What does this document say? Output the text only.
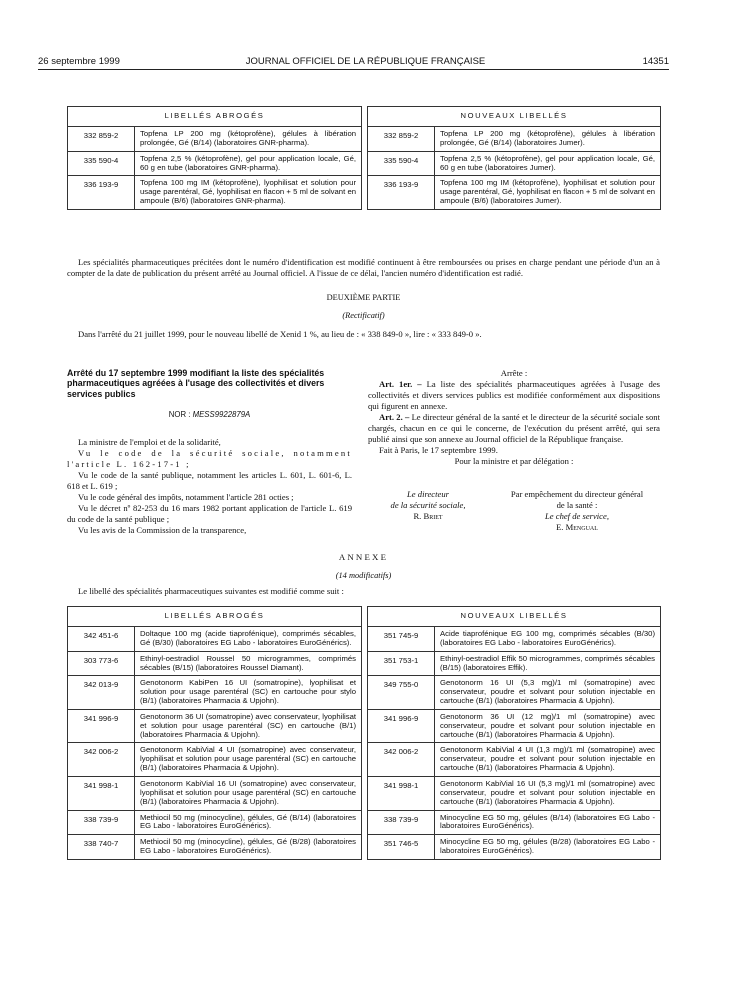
26 septembre 1999	JOURNAL OFFICIEL DE LA RÉPUBLIQUE FRANÇAISE	14351
LIBELLÉS ABROGÉS			NOUVEAUX LIBELLÉS	
332 859-2	Topfena LP 200 mg (kétoprofène), gélules à libération prolongée, Gé (B/14) (laboratoires GNR-pharma).		332 859-2	Topfena LP 200 mg (kétoprofène), gélules à libération prolongée, Gé (B/14) (laboratoires Jumer).
335 590-4	Topfena 2,5 % (kétoprofène), gel pour application locale, Gé, 60 g en tube (laboratoires GNR-pharma).		335 590-4	Topfena 2,5 % (kétoprofène), gel pour application locale, Gé, 60 g en tube (laboratoires Jumer).
336 193-9	Topfena 100 mg IM (kétoprofène), lyophilisat et solution pour usage parentéral, Gé, lyophilisat en flacon + 5 ml de solvant en ampoule (B/6) (laboratoires GNR-pharma).		336 193-9	Topfena 100 mg IM (kétoprofène), lyophilisat et solution pour usage parentéral, Gé, lyophilisat en flacon + 5 ml de solvant en ampoule (B/6) (laboratoires Jumer).
Les spécialités pharmaceutiques précitées dont le numéro d'identification est modifié continuent à être remboursées ou prises en charge pendant une période d'un an à compter de la date de publication du présent arrêté au Journal officiel. A l'issue de ce délai, l'ancien numéro d'identification est radié.
DEUXIÈME PARTIE
(Rectificatif)
Dans l'arrêté du 21 juillet 1999, pour le nouveau libellé de Xenid 1 %, au lieu de : « 338 849-0 », lire : « 333 849-0 ».
Arrêté du 17 septembre 1999 modifiant la liste des spécialités pharmaceutiques agréées à l'usage des collectivités et divers services publics
NOR : MESS9922879A

La ministre de l'emploi et de la solidarité,

Vu le code de la sécurité sociale, notamment l'article L. 162-17-1 ;

Vu le code de la santé publique, notamment les articles L. 601, L. 601-6, L. 618 et L. 619 ;

Vu le code général des impôts, notamment l'article 281 octies ;

Vu le décret nº 82-253 du 16 mars 1982 portant application de l'article L. 619 du code de la santé publique ;

Vu les avis de la Commission de la transparence,

Arrête :

Art. 1er. – La liste des spécialités pharmaceutiques agréées à l'usage des collectivités et divers services publics est modifiée conformément aux dispositions qui figurent en annexe.

Art. 2. – Le directeur général de la santé et le directeur de la sécurité sociale sont chargés, chacun en ce qui le concerne, de l'exécution du présent arrêté, qui sera publié ainsi que son annexe au Journal officiel de la République française.

Fait à Paris, le 17 septembre 1999.

Pour la ministre et par délégation :

Le directeur
de la sécurité sociale,
R. Briet
Par empêchement du directeur général
de la santé :
Le chef de service,
E. Mengual
ANNEXE
(14 modificatifs)
Le libellé des spécialités pharmaceutiques suivantes est modifié comme suit :
LIBELLÉS ABROGÉS			NOUVEAUX LIBELLÉS	
342 451-6	Doltaque 100 mg (acide tiaprofénique), comprimés sécables, Gé (B/30) (laboratoires EG Labo - laboratoires EuroGénérics).		351 745-9	Acide tiaprofénique EG 100 mg, comprimés sécables (B/30) (laboratoires EG Labo - laboratoires EuroGénérics).
303 773-6	Ethinyl-oestradiol Roussel 50 microgrammes, comprimés sécables (B/15) (laboratoires Roussel Diamant).		351 753-1	Ethinyl-oestradiol Effik 50 microgrammes, comprimés sécables (B/15) (laboratoires Effik).
342 013-9	Genotonorm KabiPen 16 UI (somatropine), lyophilisat et solution pour usage parentéral (SC) en cartouche pour stylo (B/1) (laboratoires Pharmacia & Upjohn).		349 755-0	Genotonorm 16 UI (5,3 mg)/1 ml (somatropine) avec conservateur, poudre et solvant pour solution injectable en cartouche (B/1) (laboratoires Pharmacia & Upjohn).
341 996-9	Genotonorm 36 UI (somatropine) avec conservateur, lyophilisat et solution pour usage parentéral (SC) en cartouche (B/1) (laboratoires Pharmacia & Upjohn).		341 996-9	Genotonorm 36 UI (12 mg)/1 ml (somatropine) avec conservateur, poudre et solvant pour solution injectable en cartouche (B/1) (laboratoires Pharmacia & Upjohn).
342 006-2	Genotonorm KabiVial 4 UI (somatropine) avec conservateur, lyophilisat et solution pour usage parentéral (SC) en cartouche (B/1) (laboratoires Pharmacia & Upjohn).		342 006-2	Genotonorm KabiVial 4 UI (1,3 mg)/1 ml (somatropine) avec conservateur, poudre et solvant pour solution injectable en cartouche (B/1) (laboratoires Pharmacia & Upjohn).
341 998-1	Genotonorm KabiVial 16 UI (somatropine) avec conservateur, lyophilisat et solution pour usage parentéral (SC) en cartouche (B/1) (laboratoires Pharmacia & Upjohn).		341 998-1	Genotonorm KabiVial 16 UI (5,3 mg)/1 ml (somatropine) avec conservateur, poudre et solvant pour solution injectable en cartouche (B/1) (laboratoires Pharmacia & Upjohn).
338 739-9	Methiocil 50 mg (minocycline), gélules, Gé (B/14) (laboratoires EG Labo - laboratoires EuroGénérics).		338 739-9	Minocycline EG 50 mg, gélules (B/14) (laboratoires EG Labo - laboratoires EuroGénérics).
338 740-7	Methiocil 50 mg (minocycline), gélules, Gé (B/28) (laboratoires EG Labo - laboratoires EuroGénérics).		351 746-5	Minocycline EG 50 mg, gélules (B/28) (laboratoires EG Labo - laboratoires EuroGénérics).
